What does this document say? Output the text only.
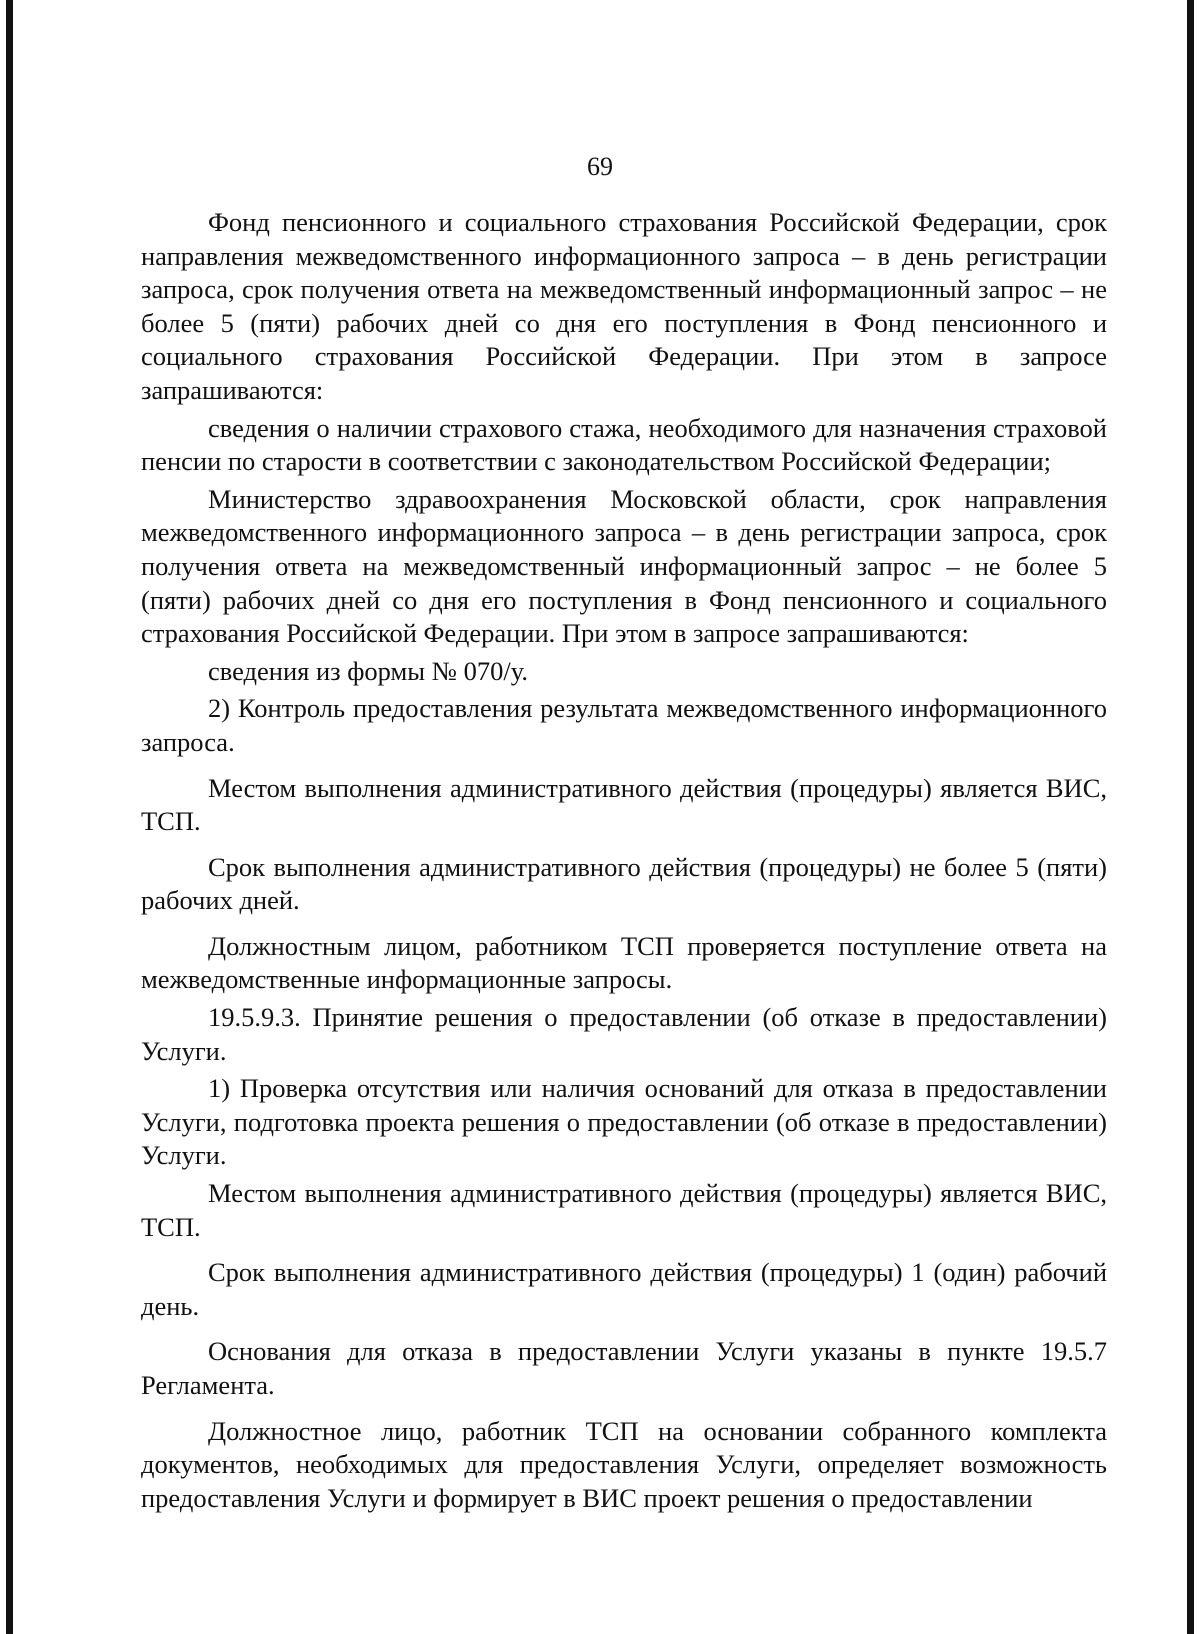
69

Фонд пенсионного и социального страхования Российской Федерации, срок направления межведомственного информационного запроса – в день регистрации запроса, срок получения ответа на межведомственный информационный запрос – не более 5 (пяти) рабочих дней со дня его поступления в Фонд пенсионного и социального страхования Российской Федерации. При этом в запросе запрашиваются:

сведения о наличии страхового стажа, необходимого для назначения страховой пенсии по старости в соответствии с законодательством Российской Федерации;

Министерство здравоохранения Московской области, срок направления межведомственного информационного запроса – в день регистрации запроса, срок получения ответа на межведомственный информационный запрос – не более 5 (пяти) рабочих дней со дня его поступления в Фонд пенсионного и социального страхования Российской Федерации. При этом в запросе запрашиваются:

сведения из формы № 070/у.

2) Контроль предоставления результата межведомственного информационного запроса.

Местом выполнения административного действия (процедуры) является ВИС, ТСП.

Срок выполнения административного действия (процедуры) не более 5 (пяти) рабочих дней.

Должностным лицом, работником ТСП проверяется поступление ответа на межведомственные информационные запросы.

19.5.9.3. Принятие решения о предоставлении (об отказе в предоставлении) Услуги.

1) Проверка отсутствия или наличия оснований для отказа в предоставлении Услуги, подготовка проекта решения о предоставлении (об отказе в предоставлении) Услуги.

Местом выполнения административного действия (процедуры) является ВИС, ТСП.

Срок выполнения административного действия (процедуры) 1 (один) рабочий день.

Основания для отказа в предоставлении Услуги указаны в пункте 19.5.7 Регламента.

Должностное лицо, работник ТСП на основании собранного комплекта документов, необходимых для предоставления Услуги, определяет возможность предоставления Услуги и формирует в ВИС проект решения о предоставлении
